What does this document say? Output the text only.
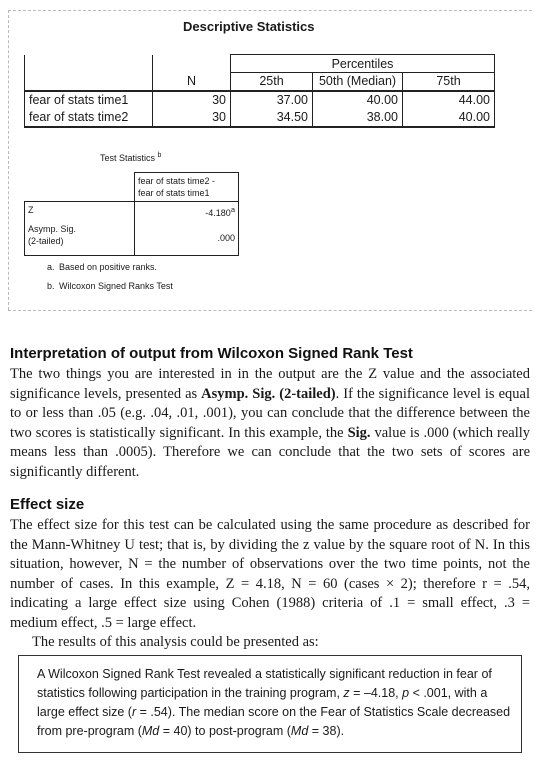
Descriptive Statistics
		Percentiles		
	N	25th	50th (Median)	75th
fear of stats time1	30	37.00	40.00	44.00
fear of stats time2	30	34.50	38.00	40.00
Test Statistics $^b$

	fear of stats time2 -
fear of stats time1

Z	-4.180$^a$

Asymp. Sig.
(2-tailed)	.000
a. Based on positive ranks.
b. Wilcoxon Signed Ranks Test
Interpretation of output from Wilcoxon Signed Rank Test
The two things you are interested in in the output are the Z value and the associated significance levels, presented as Asymp. Sig. (2-tailed). If the significance level is equal to or less than .05 (e.g. .04, .01, .001), you can conclude that the difference between the two scores is statistically significant. In this example, the Sig. value is .000 (which really means less than .0005). Therefore we can conclude that the two sets of scores are significantly different.
Effect size
The effect size for this test can be calculated using the same procedure as described for the Mann-Whitney U test; that is, by dividing the z value by the square root of N. In this situation, however, N = the number of observations over the two time points, not the number of cases. In this example, Z = 4.18, N = 60 (cases × 2); therefore r = .54, indicating a large effect size using Cohen (1988) criteria of .1 = small effect, .3 = medium effect, .5 = large effect.
The results of this analysis could be presented as:
A Wilcoxon Signed Rank Test revealed a statistically significant reduction in fear of statistics following participation in the training program, z = –4.18, p < .001, with a large effect size (r = .54). The median score on the Fear of Statistics Scale decreased from pre-program (Md = 40) to post-program (Md = 38).
